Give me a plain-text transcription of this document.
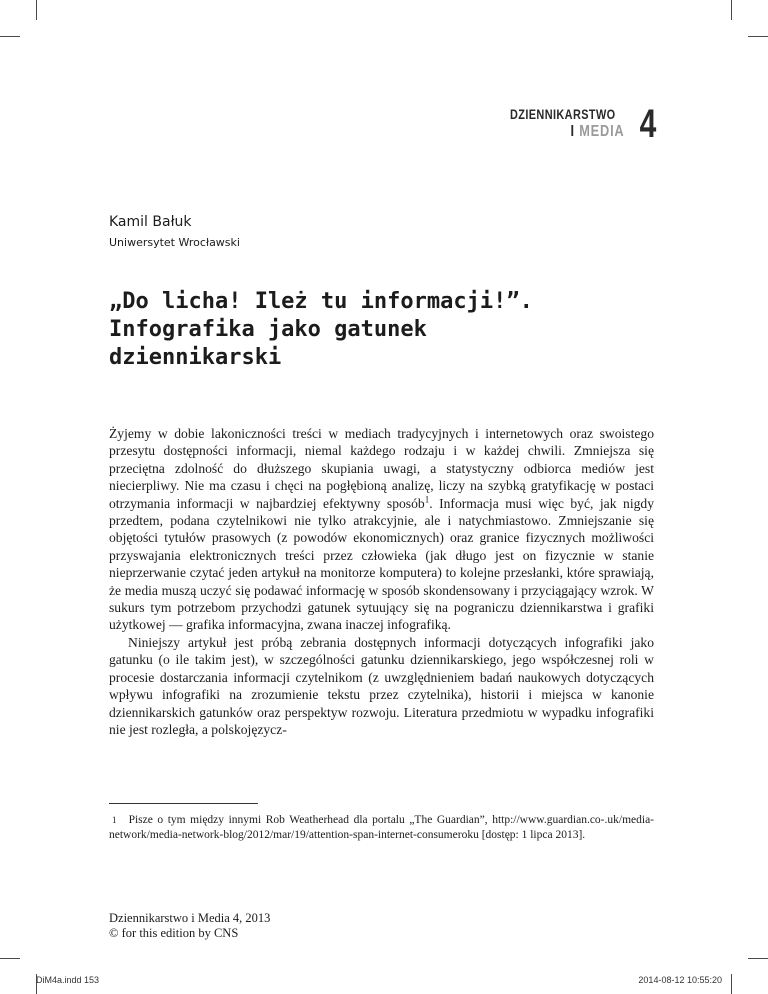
DZIENNIKARSTWO
I MEDIA 4
Kamil Bałuk
Uniwersytet Wrocławski
„Do licha! Ileż tu informacji!”.
Infografika jako gatunek
dziennikarski

Żyjemy w dobie lakoniczności treści w mediach tradycyjnych i internetowych oraz swoistego przesytu dostępności informacji, niemal każdego rodzaju i w każdej chwili. Zmniejsza się przeciętna zdolność do dłuższego skupiania uwagi, a statystyczny odbiorca mediów jest niecierpliwy. Nie ma czasu i chęci na pogłębioną analizę, liczy na szybką gratyfikację w postaci otrzymania informacji w najbardziej efektywny sposób$^1$. Informacja musi więc być, jak nigdy przedtem, podana czytelnikowi nie tylko atrakcyjnie, ale i natychmiastowo. Zmniejszanie się objętości tytułów prasowych (z powodów ekonomicznych) oraz granice fizycznych możliwości przyswajania elektronicznych treści przez człowieka (jak długo jest on fizycznie w stanie nieprzerwanie czytać jeden artykuł na monitorze komputera) to kolejne przesłanki, które sprawiają, że media muszą uczyć się podawać informację w sposób skondensowany i przyciągający wzrok. W sukurs tym potrzebom przychodzi gatunek sytuujący się na pograniczu dziennikarstwa i grafiki użytkowej — grafika informacyjna, zwana inaczej infografiką.

Niniejszy artykuł jest próbą zebrania dostępnych informacji dotyczących infografiki jako gatunku (o ile takim jest), w szczególności gatunku dziennikarskiego, jego współczesnej roli w procesie dostarczania informacji czytelnikom (z uwzględnieniem badań naukowych dotyczących wpływu infografiki na zrozumienie tekstu przez czytelnika), historii i miejsca w kanonie dziennikarskich gatunków oraz perspektyw rozwoju. Literatura przedmiotu w wypadku infografiki nie jest rozległa, a polskojęzycz-

1 Pisze o tym między innymi Rob Weatherhead dla portalu „The Guardian”, http://www.guardian.co-.uk/media-network/media-network-blog/2012/mar/19/attention-span-internet-consumeroku [dostęp: 1 lipca 2013].
Dziennikarstwo i Media 4, 2013
© for this edition by CNS
DiM4a.indd 153	2014-08-12 10:55:20
